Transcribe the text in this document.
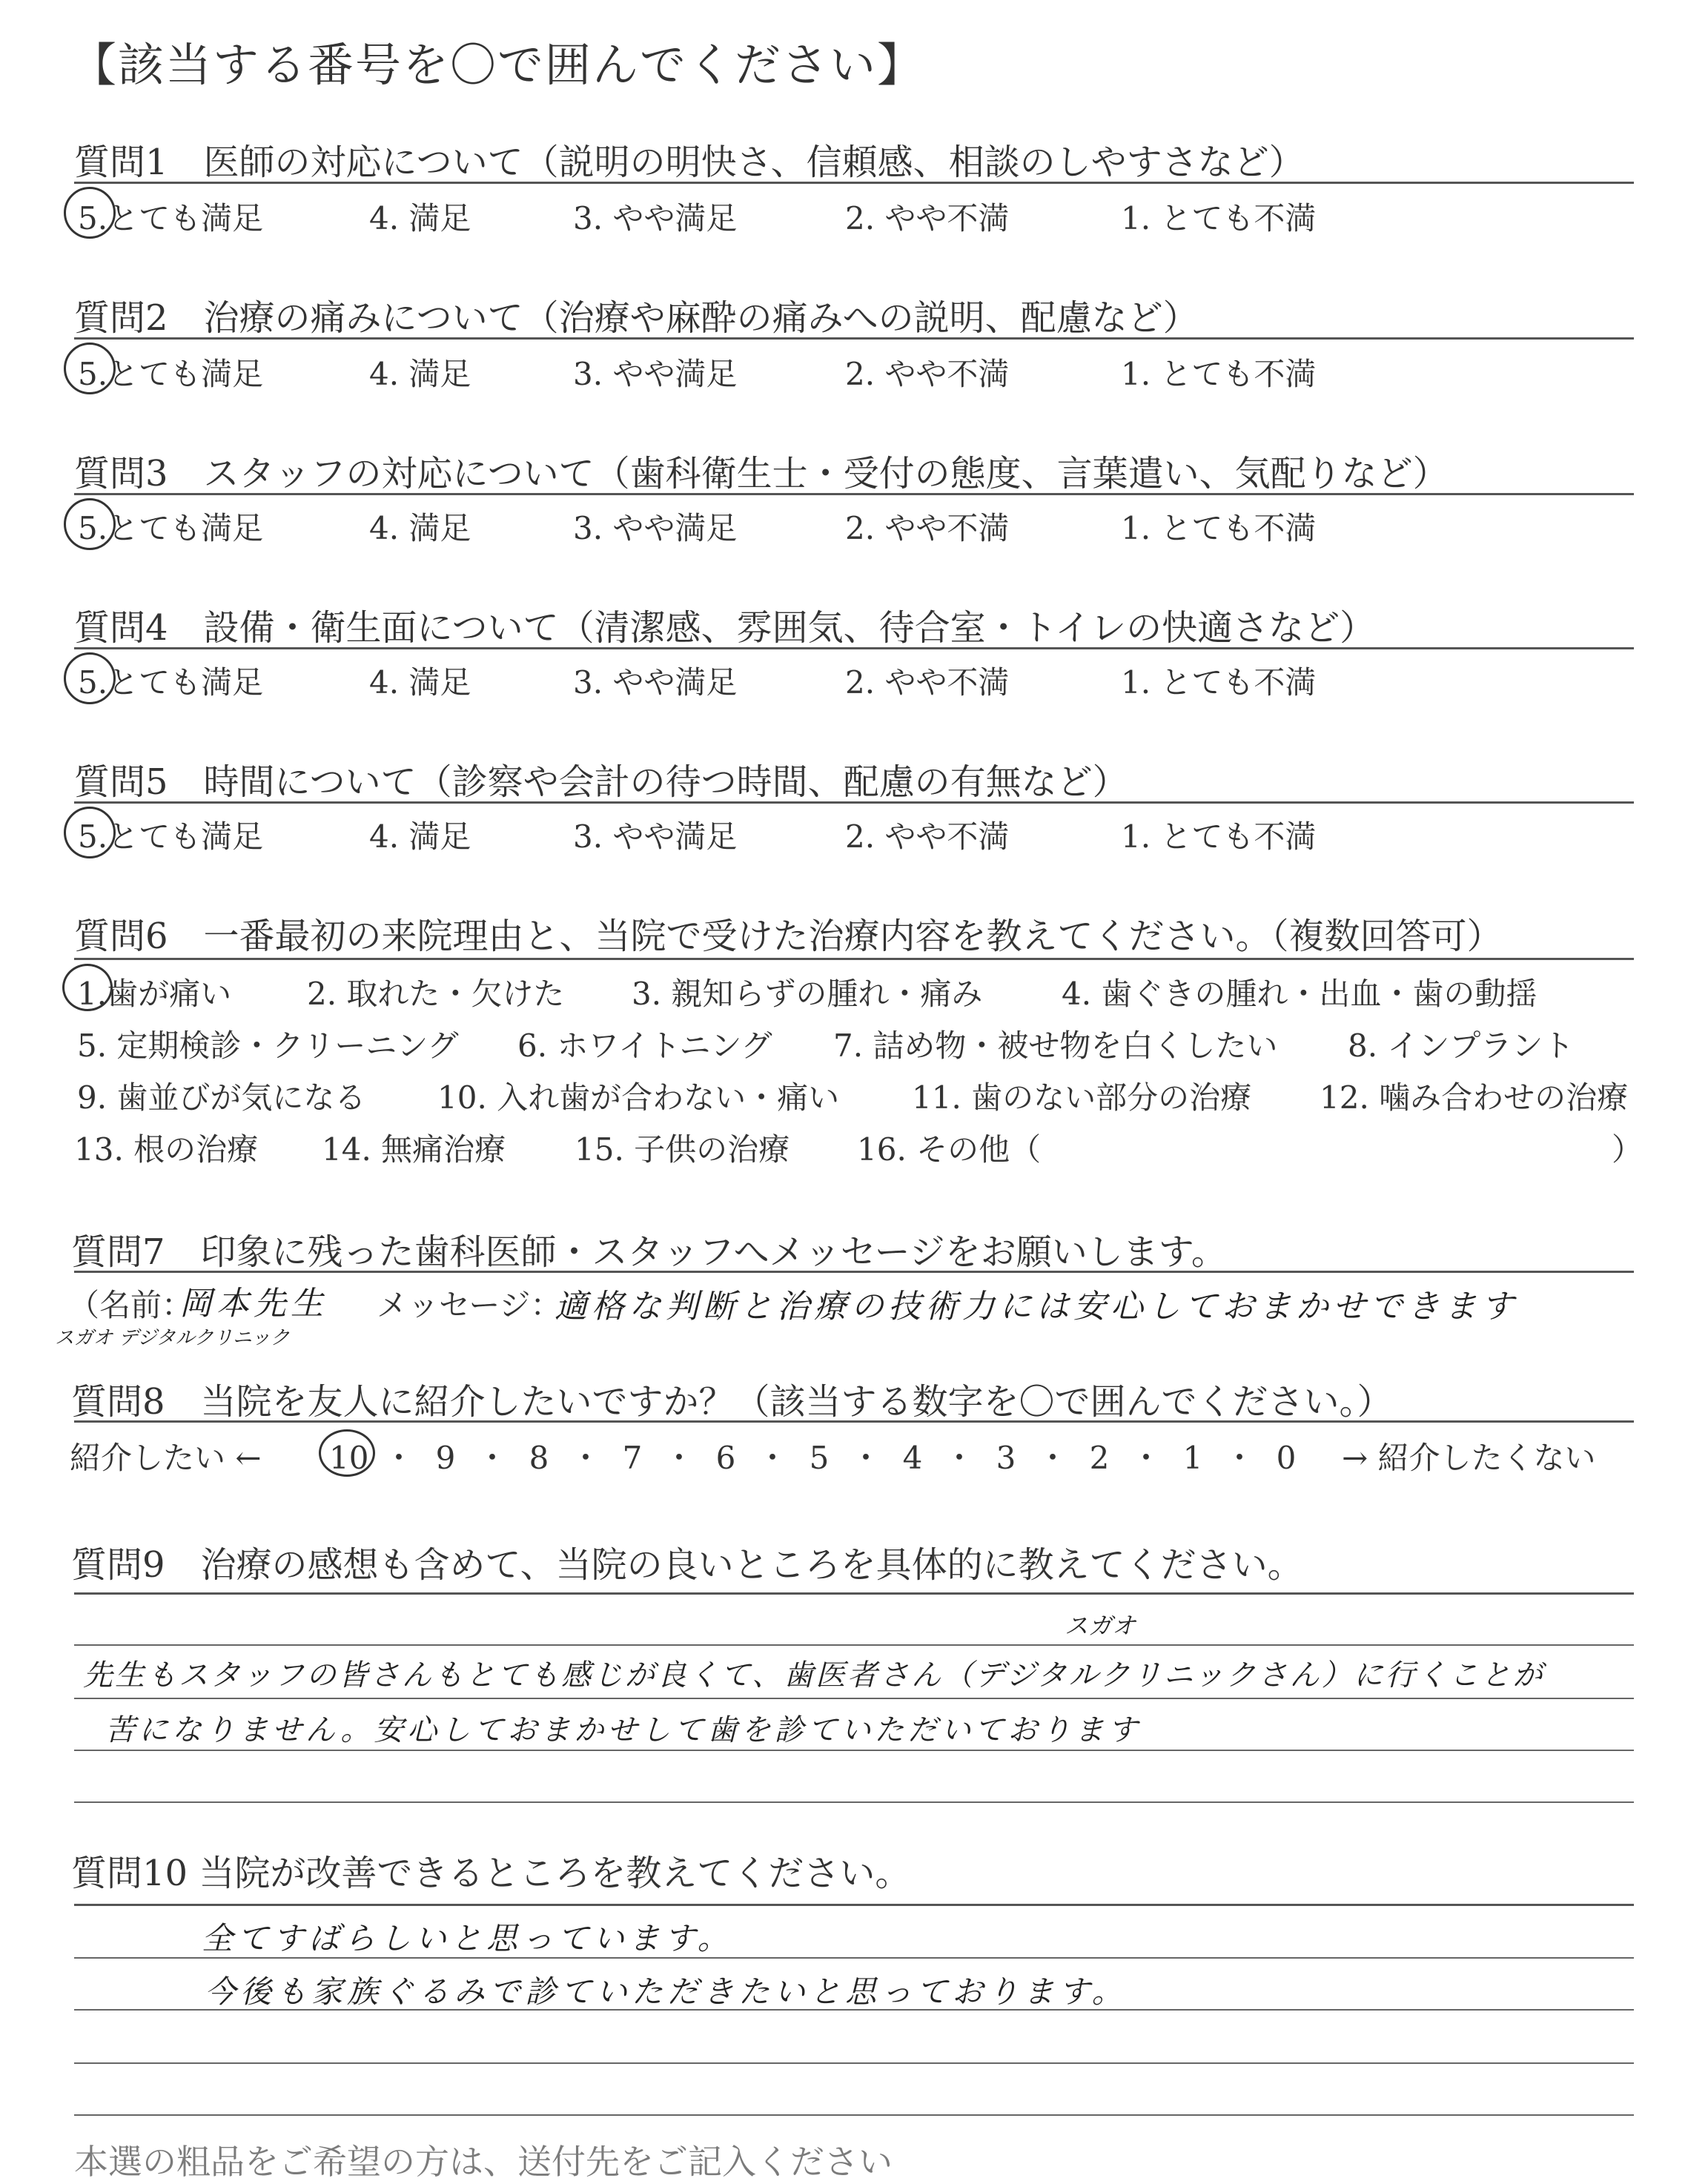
【該当する番号を〇で囲んでください】
質問1　医師の対応について（説明の明快さ、信頼感、相談のしやすさなど）
5.とても満足	4. 満足	3. やや満足	2. やや不満	1. とても不満
質問2　治療の痛みについて（治療や麻酔の痛みへの説明、配慮など）
5.とても満足	4. 満足	3. やや満足	2. やや不満	1. とても不満
質問3　スタッフの対応について（歯科衛生士・受付の態度、言葉遣い、気配りなど）
5.とても満足	4. 満足	3. やや満足	2. やや不満	1. とても不満
質問4　設備・衛生面について（清潔感、雰囲気、待合室・トイレの快適さなど）
5.とても満足	4. 満足	3. やや満足	2. やや不満	1. とても不満
質問5　時間について（診察や会計の待つ時間、配慮の有無など）
5.とても満足	4. 満足	3. やや満足	2. やや不満	1. とても不満
質問6　一番最初の来院理由と、当院で受けた治療内容を教えてください。（複数回答可）
1.歯が痛い 2. 取れた・欠けた 3. 親知らずの腫れ・痛み	4. 歯ぐきの腫れ・出血・歯の動揺
5. 定期検診・クリーニング 6. ホワイトニング 7. 詰め物・被せ物を白くしたい 8. インプラント
9. 歯並びが気になる 10. 入れ歯が合わない・痛い 11. 歯のない部分の治療 12. 噛み合わせの治療
13. 根の治療 14. 無痛治療 15. 子供の治療 16. その他（	）
質問7　印象に残った歯科医師・スタッフへメッセージをお願いします。
（名前：
岡本先生
スガオ デジタルクリニック
メッセージ：
適格な判断と治療の技術力には安心しておまかせできます
質問8　当院を友人に紹介したいですか？（該当する数字を〇で囲んでください。）
紹介したい ← 10 ・ 9 ・ 8 ・ 7 ・ 6 ・ 5 ・ 4 ・ 3 ・ 2 ・ 1 ・ 0	→ 紹介したくない
質問9　治療の感想も含めて、当院の良いところを具体的に教えてください。
スガオ
先生もスタッフの皆さんもとても感じが良くて、歯医者さん（デジタルクリニックさん）に行くことが
苦になりません。安心しておまかせして歯を診ていただいております
質問10 当院が改善できるところを教えてください。
全てすばらしいと思っています。
今後も家族ぐるみで診ていただきたいと思っております。
本選の粗品をご希望の方は、送付先をご記入ください
